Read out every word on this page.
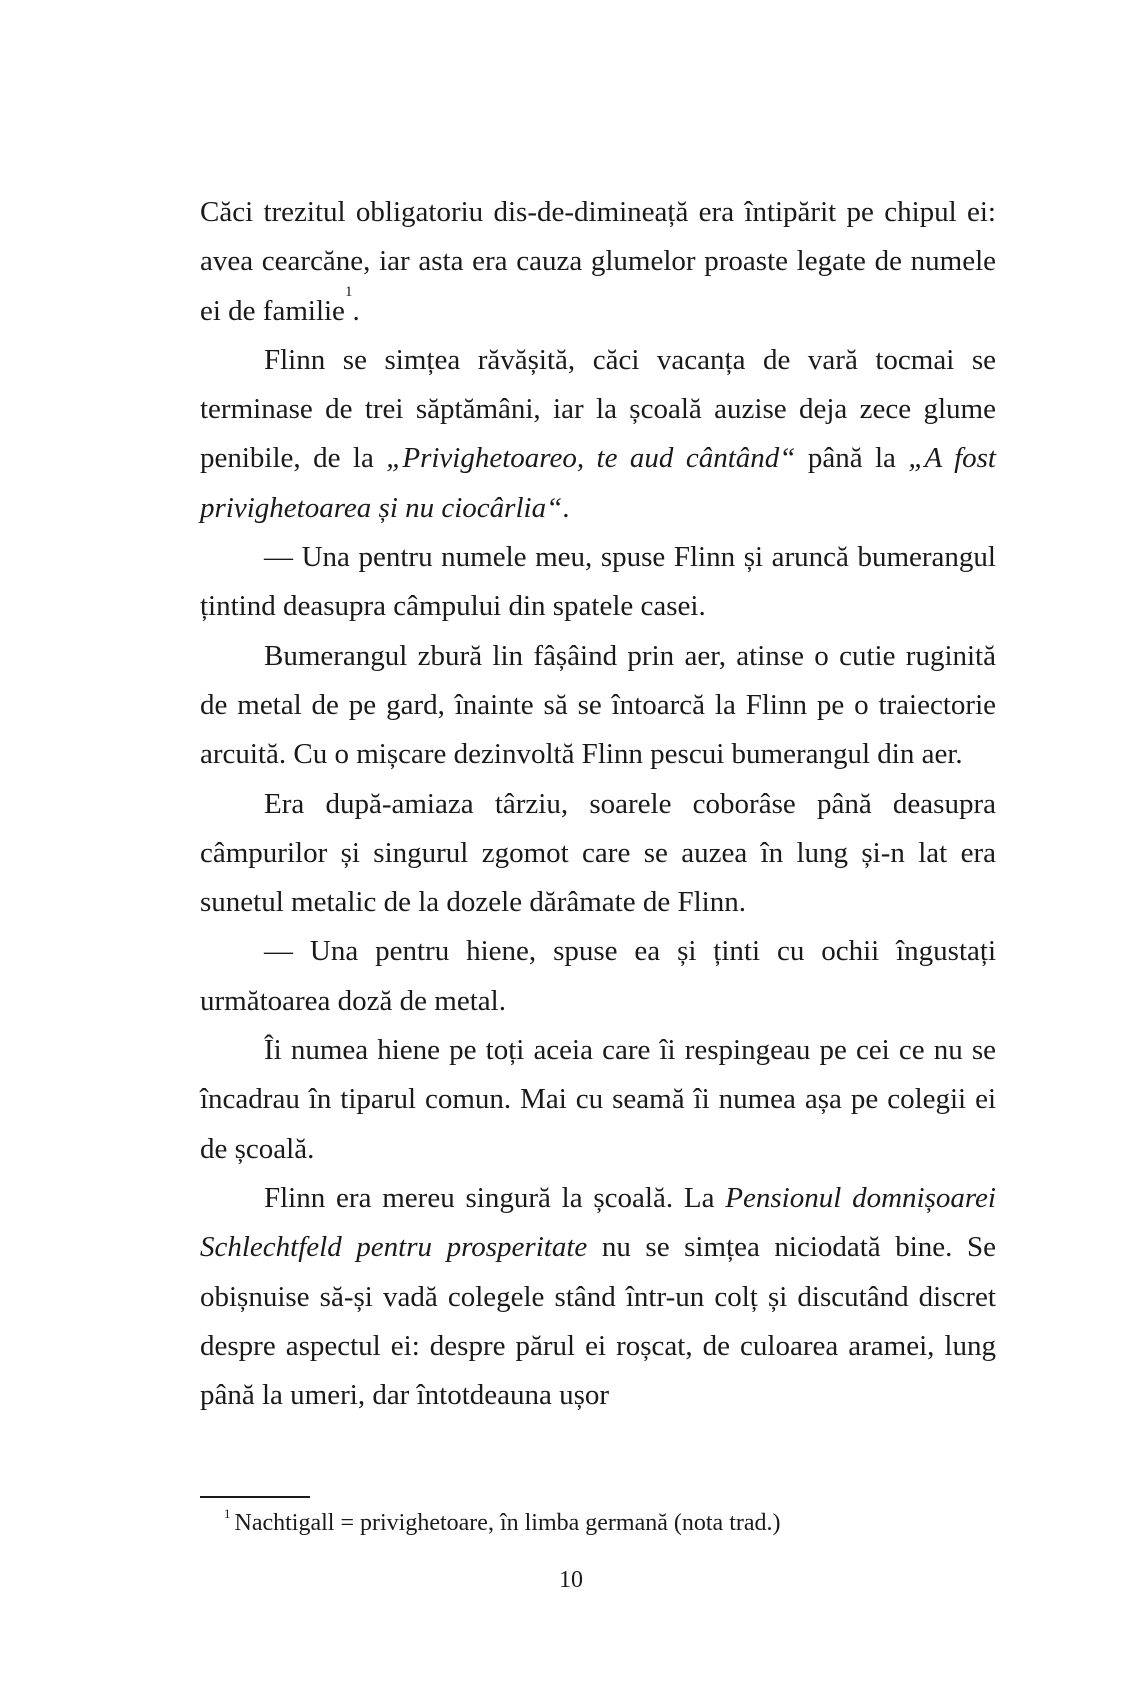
Căci trezitul obligatoriu dis-de-dimineață era întipărit pe chipul ei: avea cearcăne, iar asta era cauza glumelor proaste legate de numele ei de familie$^1$.

Flinn se simțea răvășită, căci vacanța de vară tocmai se terminase de trei săptămâni, iar la școală auzise deja zece glume penibile, de la „Privighetoareo, te aud cântând“ până la „A fost privighetoarea și nu ciocârlia“.

— Una pentru numele meu, spuse Flinn și aruncă bumerangul țintind deasupra câmpului din spatele casei.

Bumerangul zbură lin fâșâind prin aer, atinse o cutie ruginită de metal de pe gard, înainte să se întoarcă la Flinn pe o traiectorie arcuită. Cu o mișcare dezinvoltă Flinn pescui bumerangul din aer.

Era după-amiaza târziu, soarele coborâse până deasupra câmpurilor și singurul zgomot care se auzea în lung și-n lat era sunetul metalic de la dozele dărâmate de Flinn.

— Una pentru hiene, spuse ea și ținti cu ochii îngustați următoarea doză de metal.

Îi numea hiene pe toți aceia care îi respingeau pe cei ce nu se încadrau în tiparul comun. Mai cu seamă îi numea așa pe colegii ei de școală.

Flinn era mereu singură la școală. La Pensionul domnișoarei Schlechtfeld pentru prosperitate nu se simțea niciodată bine. Se obișnuise să-și vadă colegele stând într-un colț și discutând discret despre aspectul ei: despre părul ei roșcat, de culoarea aramei, lung până la umeri, dar întotdeauna ușor

$^1$ Nachtigall = privighetoare, în limba germană (nota trad.)
10
